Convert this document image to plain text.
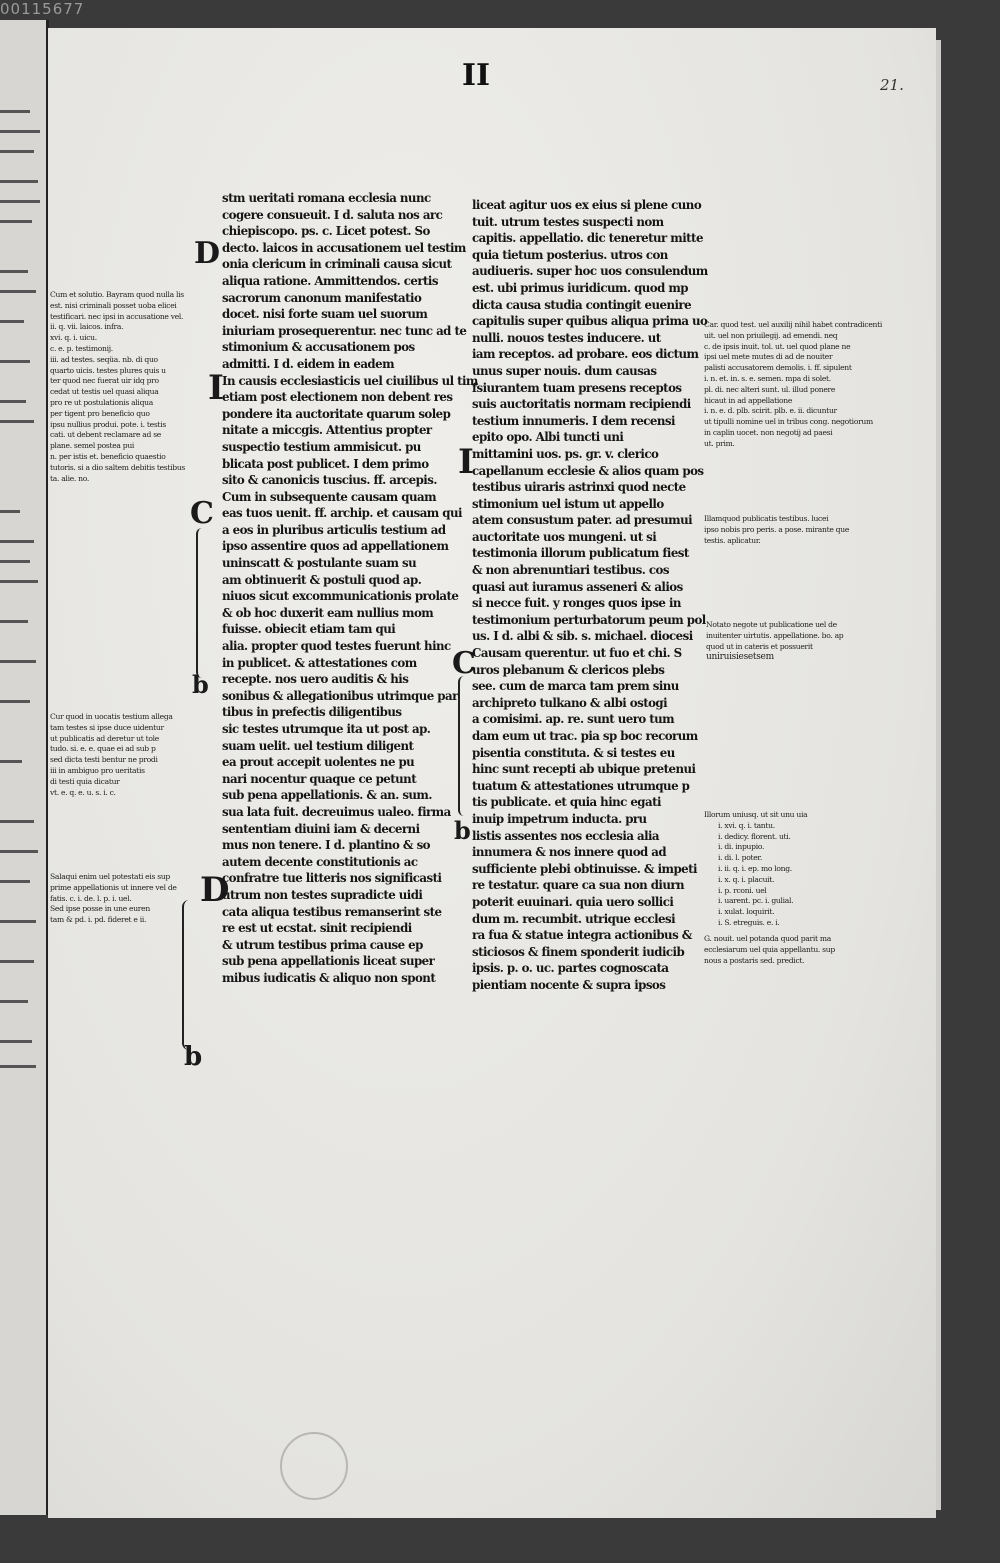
00115677
II	21.
D
I
C
b
D
b
I
C
b

stm ueritati romana ecclesia nunc

cogere consueuit. I d. saluta nos arc

chiepiscopo. ps. c. Licet potest. So

decto. laicos in accusationem uel testim

onia clericum in criminali causa sicut

aliqua ratione. Ammittendos. certis

sacrorum canonum manifestatio

docet. nisi forte suam uel suorum

iniuriam prosequerentur. nec tunc ad te

stimonium & accusationem pos

admitti. I d. eidem in eadem

In causis ecclesiasticis uel ciuilibus ul tim

etiam post electionem non debent res

pondere ita auctoritate quarum solep

nitate a miccgis. Attentius propter

suspectio testium ammisicut. pu

blicata post publicet. I dem primo

sito & canonicis tuscius. ff. arcepis.

Cum in subsequente causam quam

eas tuos uenit. ff. archip. et causam qui

a eos in pluribus articulis testium ad

ipso assentire quos ad appellationem

uninscatt & postulante suam su

am obtinuerit & postuli quod ap.

niuos sicut excommunicationis prolate

& ob hoc duxerit eam nullius mom

fuisse. obiecit etiam tam qui

alia. propter quod testes fuerunt hinc

in publicet. & attestationes com

recepte. nos uero auditis & his

sonibus & allegationibus utrimque par

tibus in prefectis diligentibus

sic testes utrumque ita ut post ap.

suam uelit. uel testium diligent

ea prout accepit uolentes ne pu

nari nocentur quaque ce petunt

sub pena appellationis. & an. sum.

sua lata fuit. decreuimus ualeo. firma

sententiam diuini iam & decerni

mus non tenere. I d. plantino & so

autem decente constitutionis ac

confratre tue litteris nos significasti

utrum non testes supradicte uidi

cata aliqua testibus remanserint ste

re est ut ecstat. sinit recipiendi

& utrum testibus prima cause ep

sub pena appellationis liceat super

mibus iudicatis & aliquo non spont

liceat agitur uos ex eius si plene cuno

tuit. utrum testes suspecti nom

capitis. appellatio. dic teneretur mitte

quia tietum posterius. utros con

audiueris. super hoc uos consulendum

est. ubi primus iuridicum. quod mp

dicta causa studia contingit euenire

capitulis super quibus aliqua prima uo

nulli. nouos testes inducere. ut

iam receptos. ad probare. eos dictum

unus super nouis. dum causas

fsiurantem tuam presens receptos

suis auctoritatis normam recipiendi

testium innumeris. I dem recensi

epito opo. Albi tuncti uni

mittamini uos. ps. gr. v. clerico

capellanum ecclesie & alios quam pos

testibus uiraris astrinxi quod necte

stimonium uel istum ut appello

atem consustum pater. ad presumui

auctoritate uos mungeni. ut si

testimonia illorum publicatum fiest

& non abrenuntiari testibus. cos

quasi aut iuramus asseneri & alios

si necce fuit. y ronges quos ipse in

testimonium perturbatorum peum pol

us. I d. albi & sib. s. michael. diocesi

Causam querentur. ut fuo et chi. S

uros plebanum & clericos plebs

see. cum de marca tam prem sinu

archipreto tulkano & albi ostogi

a comisimi. ap. re. sunt uero tum

dam eum ut trac. pia sp boc recorum

pisentia constituta. & si testes eu

hinc sunt recepti ab ubique pretenui

tuatum & attestationes utrumque p

tis publicate. et quia hinc egati

inuip impetrum inducta. pru

listis assentes nos ecclesia alia

innumera & nos innere quod ad

sufficiente plebi obtinuisse. & impeti

re testatur. quare ca sua non diurn

poterit euuinari. quia uero sollici

dum m. recumbit. utrique ecclesi

ra fua & statue integra actionibus &

sticiosos & finem sponderit iudicib

ipsis. p. o. uc. partes cognoscata

pientiam nocente & supra ipsos

Cum et solutio. Bayram quod nulla lis

est. nisi criminali posset uoba elicei

testificari. nec ipsi in accusatione vel.

ii. q. vii. laicos. infra.

xvi. q. i. uicu.

c. e. p. testimonij.

iii. ad testes. seqüa. nb. di quo

quarto uicis. testes plures quis u

ter quod nec fuerat uir idq pro

cedat ut testis uel quasi aliqua

pro re ut postulationis aliqua

per tigent pro beneficio quo

ipsu nullius produi. pote. i. testis

cati. ut debent reclamare ad se

plane. semel postea pui

n. per istis et. beneficio quaestio

tutoris. si a dio saltem debitis testibus

ta. alie. no.

Cur quod in uocatis testium allega

tam testes si ipse duce uidentur

ut publicatis ad deretur ut tole

tudo. si. e. e. quae ei ad sub p

sed dicta testi bentur ne prodi

iii in ambiguo pro ueritatis

di testi quia dicatur

vt. e. q. e. u. s. i. c.

Salaqui enim uel potestati eis sup

prime appellationis ut innere vel de

fatis. c. i. de. l. p. i. uel.

Sed ipse posse in une euren

tam & pd. i. pd. fideret e ii.

Car. quod test. uel auxilij nihil habet contradicenti

uit. uel non priuilegij. ad emendi. neq

c. de ipsis inuit. tol. ut. uel quod plane ne

ipsi uel mete mutes di ad de nouiter

palisti accusatorem demolis. i. ff. sipulent

i. n. et. in. s. e. semen. mpa di solet.

pl. di. nec alteri sunt. ul. illud ponere

hicaut in ad appellatione

i. n. e. d. plb. scirit. plb. e. ii. dicuntur

ut tipulli nomine uel in tribus cong. negotiorum

in caplin uocet. non negotij ad paesi

ut. prim.

Illamquod publicatis testibus. lucei

ipso nobis pro peris. a pose. mirante que

testis. aplicatur.

Notato negote ut publicatione uel de

inuitenter uirtutis. appellatione. bo. ap

quod ut in cateris et possuerit

uniruisiesetsem

Illorum uniusq. ut sit unu uia

i. xvi. q. i. tantu.

i. dedicy. florent. uti.

i. di. inpupio.

i. di. l. poter.

i. ii. q. i. ep. mo long.

i. x. q. i. placuit.

i. p. rconi. uel

i. uarent. pc. i. gulial.

i. xulat. loquirit.

i. S. etreguis. e. i.

G. nouit. uel potanda quod parit ma

ecclesiarum uel quia appellantu. sup

nous a postaris sed. predict.
